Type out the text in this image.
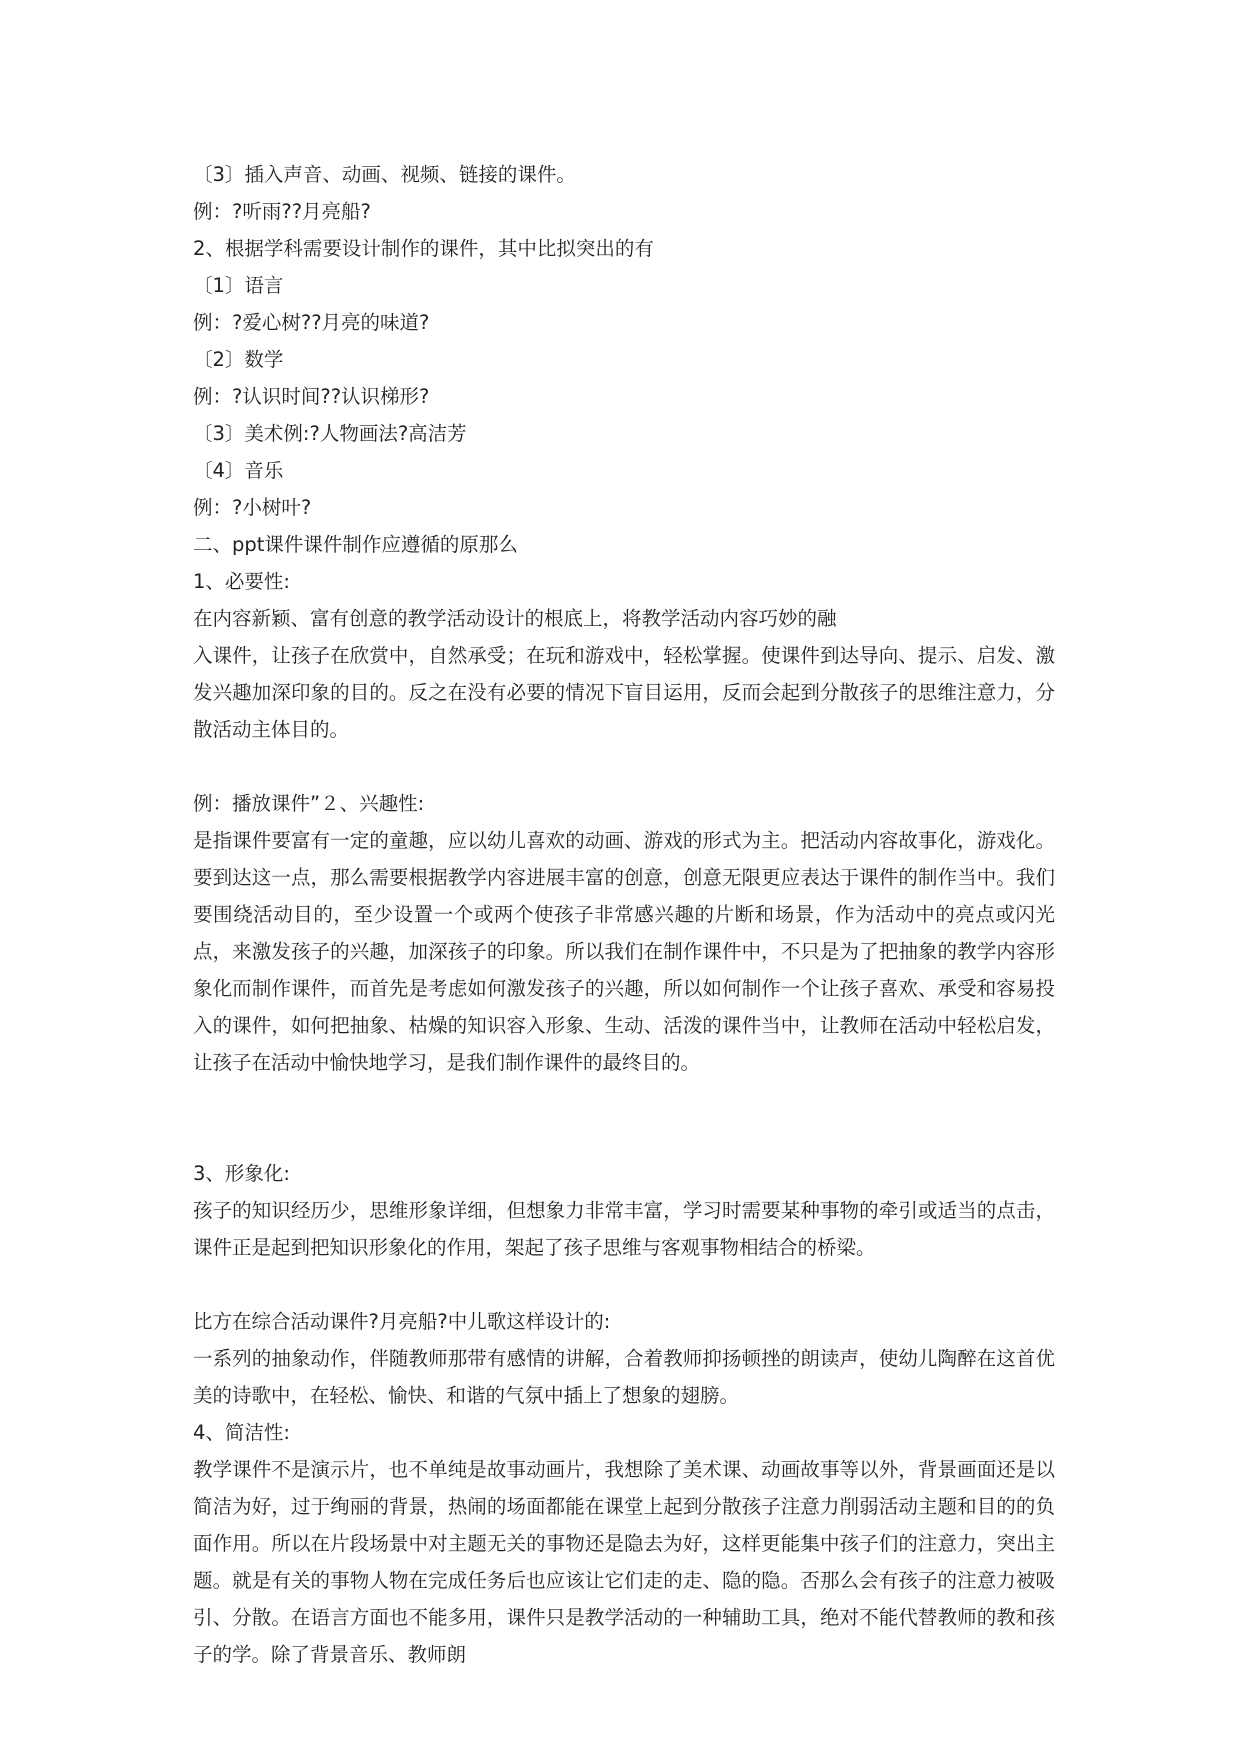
〔3〕插入声音、动画、视频、链接的课件。
例：?听雨??月亮船?
2、根据学科需要设计制作的课件，其中比拟突出的有
〔1〕语言
例：?爱心树??月亮的味道?
〔2〕数学
例：?认识时间??认识梯形?
〔3〕美术例:?人物画法?高洁芳
〔4〕音乐
例：?小树叶?
二、ppt课件课件制作应遵循的原那么
1、必要性:
在内容新颖、富有创意的教学活动设计的根底上，将教学活动内容巧妙的融
入课件，让孩子在欣赏中，自然承受；在玩和游戏中，轻松掌握。使课件到达导向、提示、启发、激发兴趣加深印象的目的。反之在没有必要的情况下盲目运用，反而会起到分散孩子的思维注意力，分散活动主体目的。
例：播放课件”２、兴趣性:
是指课件要富有一定的童趣，应以幼儿喜欢的动画、游戏的形式为主。把活动内容故事化，游戏化。要到达这一点，那么需要根据教学内容进展丰富的创意，创意无限更应表达于课件的制作当中。我们要围绕活动目的，至少设置一个或两个使孩子非常感兴趣的片断和场景，作为活动中的亮点或闪光点，来激发孩子的兴趣，加深孩子的印象。所以我们在制作课件中，不只是为了把抽象的教学内容形象化而制作课件，而首先是考虑如何激发孩子的兴趣，所以如何制作一个让孩子喜欢、承受和容易投入的课件，如何把抽象、枯燥的知识容入形象、生动、活泼的课件当中，让教师在活动中轻松启发，让孩子在活动中愉快地学习，是我们制作课件的最终目的。
3、形象化:
孩子的知识经历少，思维形象详细，但想象力非常丰富，学习时需要某种事物的牵引或适当的点击，课件正是起到把知识形象化的作用，架起了孩子思维与客观事物相结合的桥梁。
比方在综合活动课件?月亮船?中儿歌这样设计的:
一系列的抽象动作，伴随教师那带有感情的讲解，合着教师抑扬顿挫的朗读声，使幼儿陶醉在这首优美的诗歌中，在轻松、愉快、和谐的气氛中插上了想象的翅膀。
4、简洁性:
教学课件不是演示片，也不单纯是故事动画片，我想除了美术课、动画故事等以外，背景画面还是以简洁为好，过于绚丽的背景，热闹的场面都能在课堂上起到分散孩子注意力削弱活动主题和目的的负面作用。所以在片段场景中对主题无关的事物还是隐去为好，这样更能集中孩子们的注意力，突出主题。就是有关的事物人物在完成任务后也应该让它们走的走、隐的隐。否那么会有孩子的注意力被吸引、分散。在语言方面也不能多用，课件只是教学活动的一种辅助工具，绝对不能代替教师的教和孩子的学。除了背景音乐、教师朗
